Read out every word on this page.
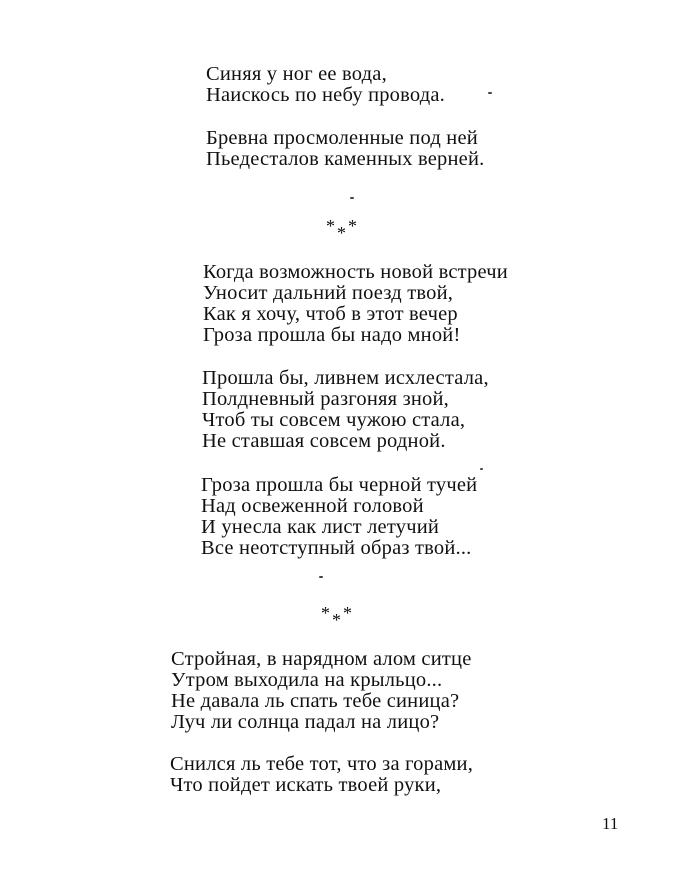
Синяя у ног ее вода,
Наискось по небу провода.
Бревна просмоленные под ней
Пьедесталов каменных верней.
***
Когда возможность новой встречи
Уносит дальний поезд твой,
Как я хочу, чтоб в этот вечер
Гроза прошла бы надо мной!
Прошла бы, ливнем исхлестала,
Полдневный разгоняя зной,
Чтоб ты совсем чужою стала,
Не ставшая совсем родной.
Гроза прошла бы черной тучей
Над освеженной головой
И унесла как лист летучий
Все неотступный образ твой...
***
Стройная, в нарядном алом ситце
Утром выходила на крыльцо...
Не давала ль спать тебе синица?
Луч ли солнца падал на лицо?
Снился ль тебе тот, что за горами,
Что пойдет искать твоей руки,
11
